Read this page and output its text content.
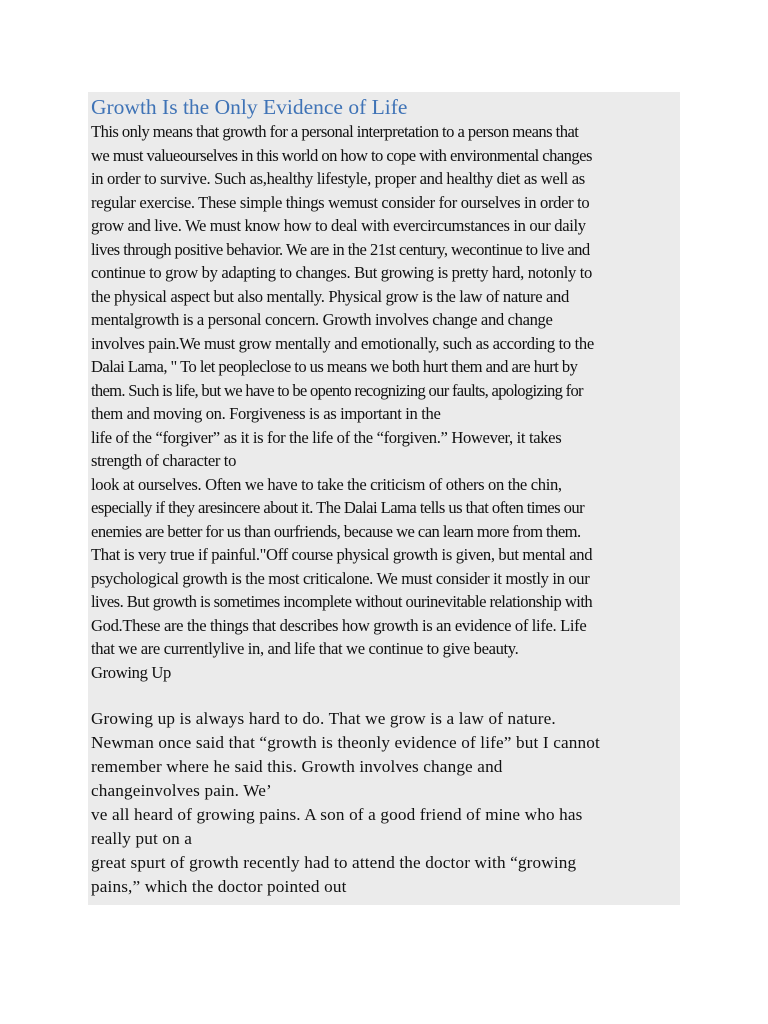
Growth Is the Only Evidence of Life
This only means that growth for a personal interpretation to a person means that
we must valueourselves in this world on how to cope with environmental changes
in order to survive. Such as,healthy lifestyle, proper and healthy diet as well as
regular exercise. These simple things wemust consider for ourselves in order to
grow and live. We must know how to deal with evercircumstances in our daily
lives through positive behavior. We are in the 21st century, wecontinue to live and
continue to grow by adapting to changes. But growing is pretty hard, notonly to
the physical aspect but also mentally. Physical grow is the law of nature and
mentalgrowth is a personal concern. Growth involves change and change
involves pain.We must grow mentally and emotionally, such as according to the
Dalai Lama, " To let peopleclose to us means we both hurt them and are hurt by
them. Such is life, but we have to be opento recognizing our faults, apologizing for
them and moving on. Forgiveness is as important in the
life of the “forgiver” as it is for the life of the “forgiven.” However, it takes
strength of character to
look at ourselves. Often we have to take the criticism of others on the chin,
especially if they aresincere about it. The Dalai Lama tells us that often times our
enemies are better for us than ourfriends, because we can learn more from them.
That is very true if painful."Off course physical growth is given, but mental and
psychological growth is the most criticalone. We must consider it mostly in our
lives. But growth is sometimes incomplete without ourinevitable relationship with
God.These are the things that describes how growth is an evidence of life. Life
that we are currentlylive in, and life that we continue to give beauty.
Growing Up
Growing up is always hard to do. That we grow is a law of nature.
Newman once said that “growth is theonly evidence of life” but I cannot
remember where he said this. Growth involves change and
changeinvolves pain. We’
ve all heard of growing pains. A son of a good friend of mine who has
really put on a
great spurt of growth recently had to attend the doctor with “growing
pains,” which the doctor pointed out
